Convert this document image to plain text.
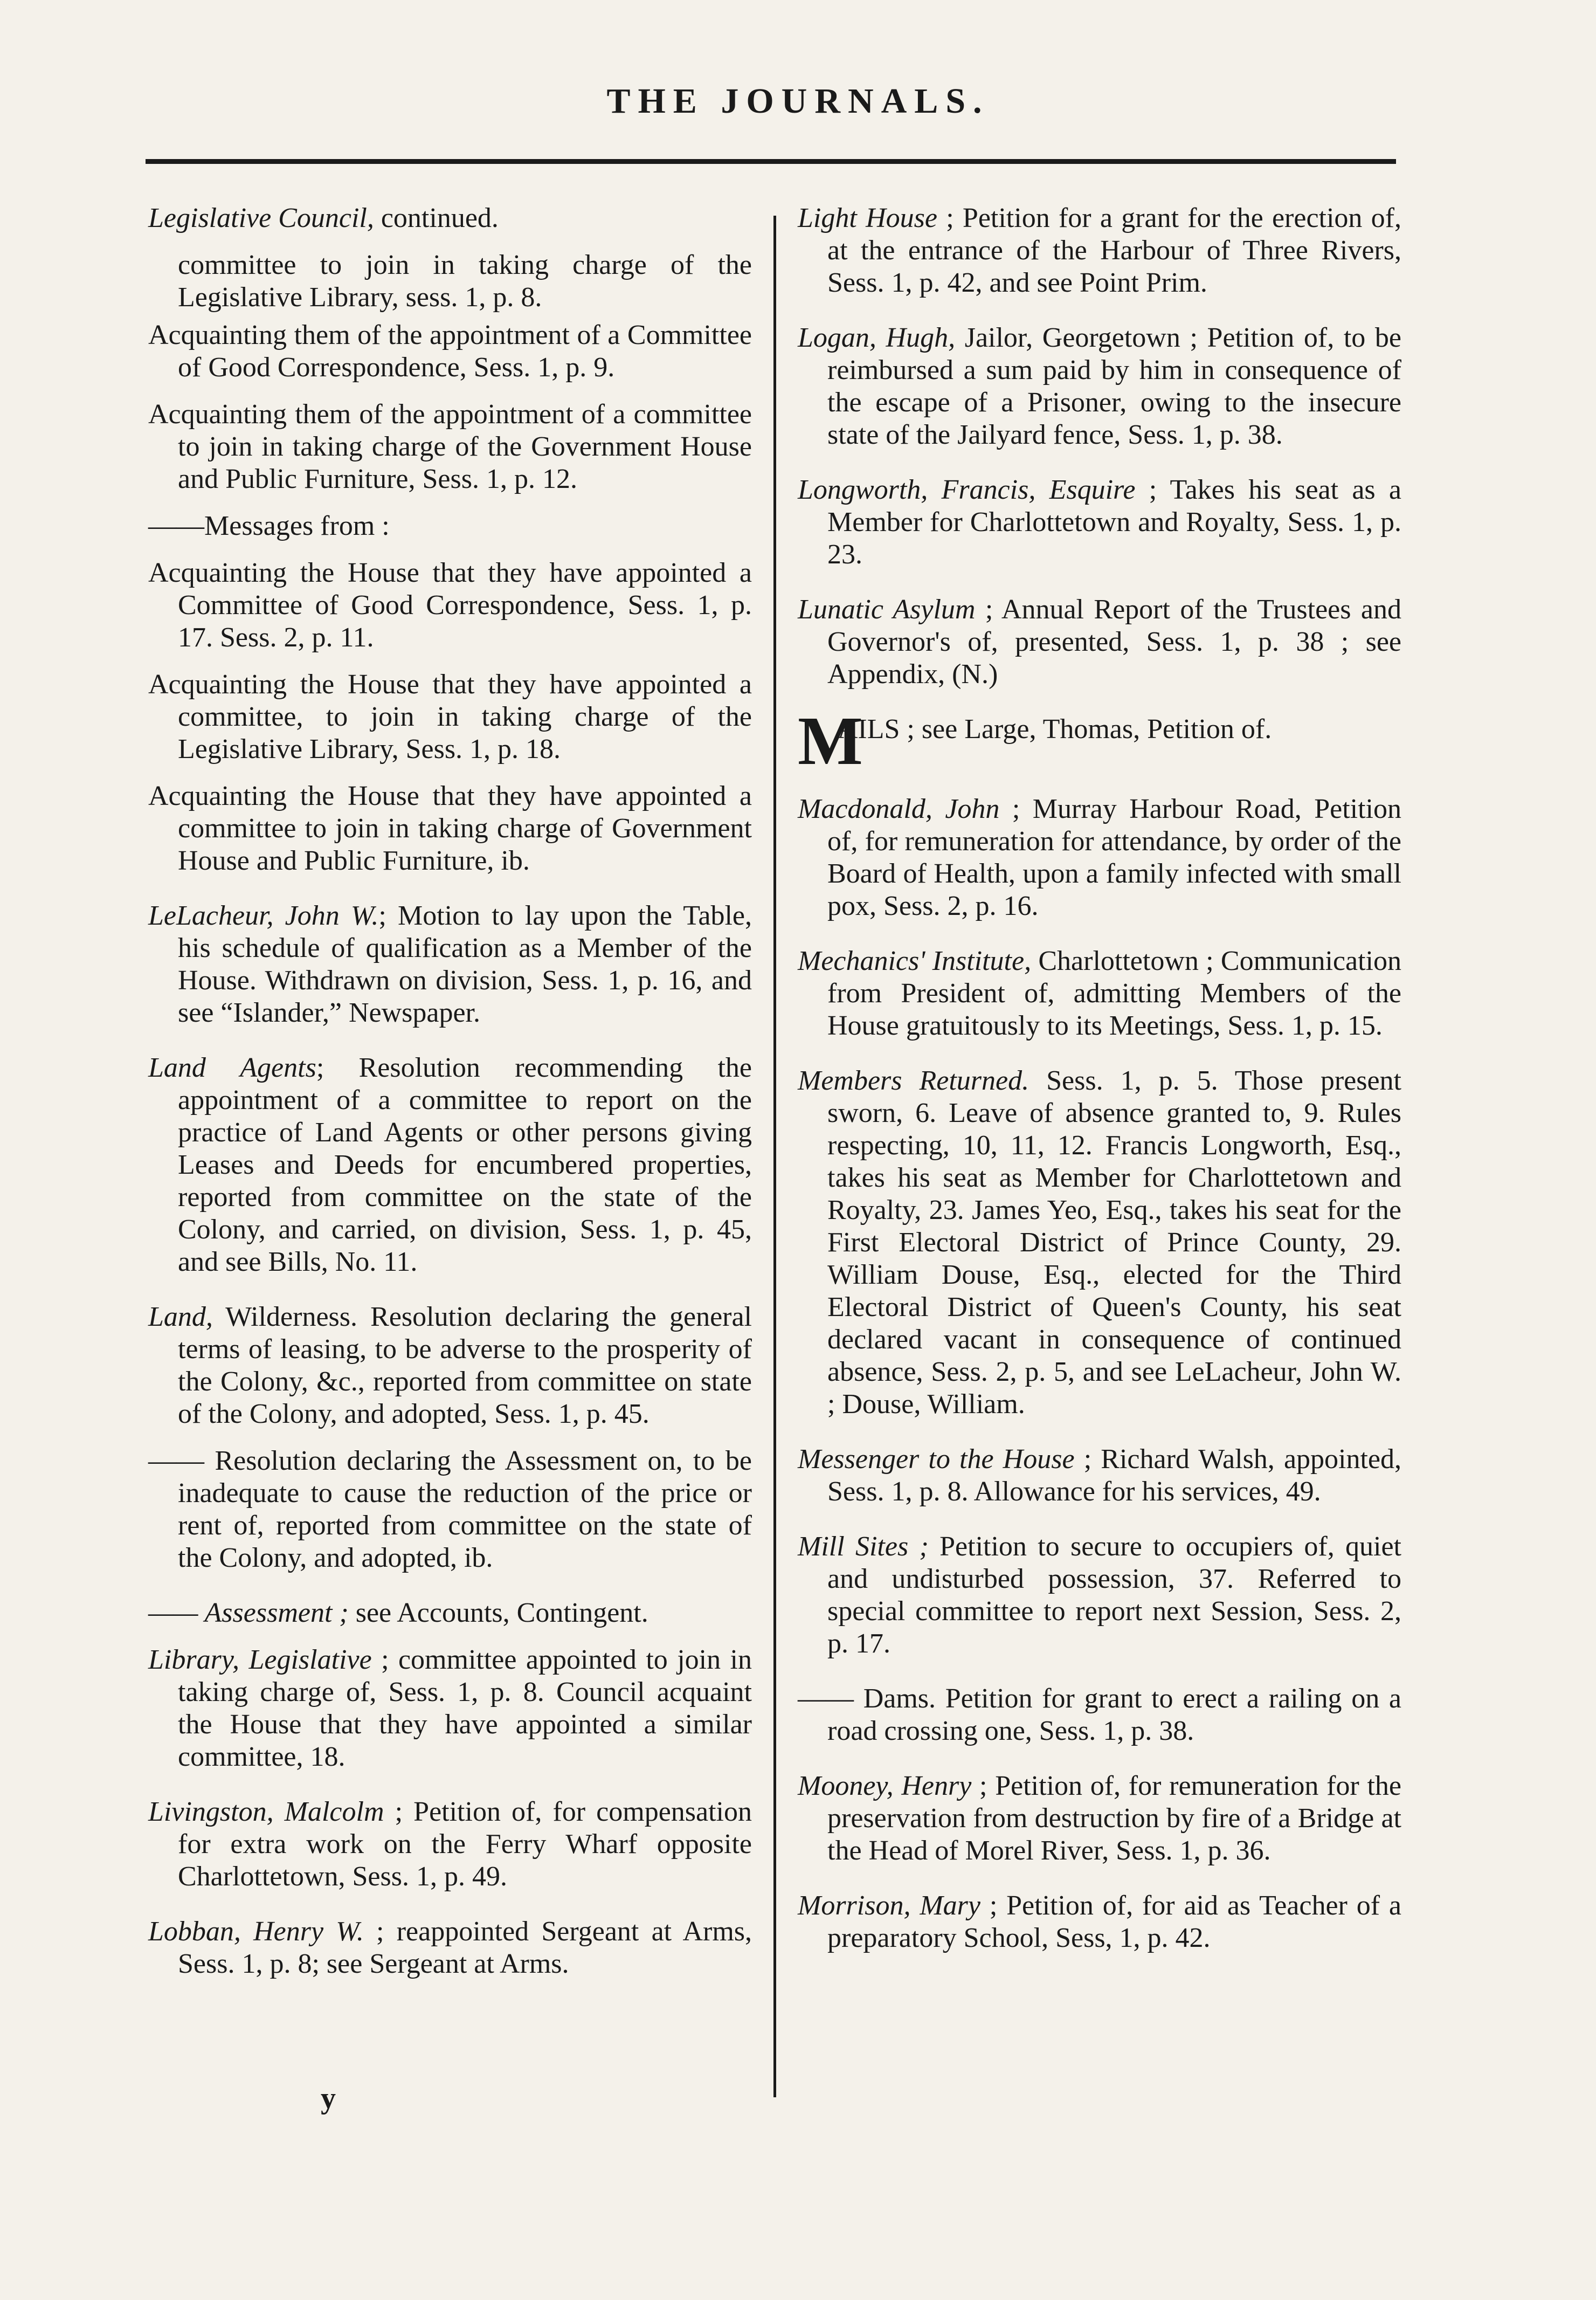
THE JOURNALS.

Legislative Council, continued.

committee to join in taking charge of the Legislative Library, sess. 1, p. 8.

Acquainting them of the appointment of a Committee of Good Correspondence, Sess. 1, p. 9.

Acquainting them of the appointment of a committee to join in taking charge of the Government House and Public Furniture, Sess. 1, p. 12.

——Messages from :

Acquainting the House that they have appointed a Committee of Good Correspondence, Sess. 1, p. 17. Sess. 2, p. 11.

Acquainting the House that they have appointed a committee, to join in taking charge of the Legislative Library, Sess. 1, p. 18.

Acquainting the House that they have appointed a committee to join in taking charge of Government House and Public Furniture, ib.

LeLacheur, John W.; Motion to lay upon the Table, his schedule of qualification as a Member of the House. Withdrawn on division, Sess. 1, p. 16, and see “Islander,” Newspaper.

Land Agents; Resolution recommending the appointment of a committee to report on the practice of Land Agents or other persons giving Leases and Deeds for encumbered properties, reported from committee on the state of the Colony, and carried, on division, Sess. 1, p. 45, and see Bills, No. 11.

Land, Wilderness. Resolution declaring the general terms of leasing, to be adverse to the prosperity of the Colony, &c., reported from committee on state of the Colony, and adopted, Sess. 1, p. 45.

—— Resolution declaring the Assessment on, to be inadequate to cause the reduction of the price or rent of, reported from committee on the state of the Colony, and adopted, ib.

—— Assessment ; see Accounts, Contingent.

Library, Legislative ; committee appointed to join in taking charge of, Sess. 1, p. 8. Council acquaint the House that they have appointed a similar committee, 18.

Livingston, Malcolm ; Petition of, for compensation for extra work on the Ferry Wharf opposite Charlottetown, Sess. 1, p. 49.

Lobban, Henry W. ; reappointed Sergeant at Arms, Sess. 1, p. 8; see Sergeant at Arms.

Light House ; Petition for a grant for the erection of, at the entrance of the Harbour of Three Rivers, Sess. 1, p. 42, and see Point Prim.

Logan, Hugh, Jailor, Georgetown ; Petition of, to be reimbursed a sum paid by him in consequence of the escape of a Prisoner, owing to the insecure state of the Jailyard fence, Sess. 1, p. 38.

Longworth, Francis, Esquire ; Takes his seat as a Member for Charlottetown and Royalty, Sess. 1, p. 23.

Lunatic Asylum ; Annual Report of the Trustees and Governor's of, presented, Sess. 1, p. 38 ; see Appendix, (N.)

M
AILS ; see Large, Thomas, Petition of.

Macdonald, John ; Murray Harbour Road, Petition of, for remuneration for attendance, by order of the Board of Health, upon a family infected with small pox, Sess. 2, p. 16.

Mechanics' Institute, Charlottetown ; Communication from President of, admitting Members of the House gratuitously to its Meetings, Sess. 1, p. 15.

Members Returned. Sess. 1, p. 5. Those present sworn, 6. Leave of absence granted to, 9. Rules respecting, 10, 11, 12. Francis Longworth, Esq., takes his seat as Member for Charlottetown and Royalty, 23. James Yeo, Esq., takes his seat for the First Electoral District of Prince County, 29. William Douse, Esq., elected for the Third Electoral District of Queen's County, his seat declared vacant in consequence of continued absence, Sess. 2, p. 5, and see LeLacheur, John W. ; Douse, William.

Messenger to the House ; Richard Walsh, appointed, Sess. 1, p. 8. Allowance for his services, 49.

Mill Sites ; Petition to secure to occupiers of, quiet and undisturbed possession, 37. Referred to special committee to report next Session, Sess. 2, p. 17.

—— Dams. Petition for grant to erect a railing on a road crossing one, Sess. 1, p. 38.

Mooney, Henry ; Petition of, for remuneration for the preservation from destruction by fire of a Bridge at the Head of Morel River, Sess. 1, p. 36.

Morrison, Mary ; Petition of, for aid as Teacher of a preparatory School, Sess, 1, p. 42.

y
